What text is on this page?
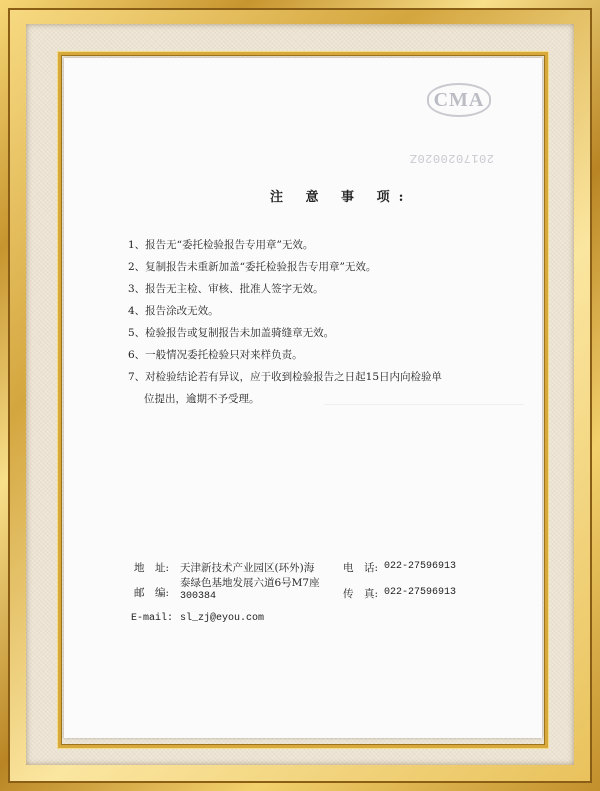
CMA
2017020020Z
注 意 事 项:
1、报告无“委托检验报告专用章”无效。
2、复制报告未重新加盖“委托检验报告专用章”无效。
3、报告无主检、审核、批准人签字无效。
4、报告涂改无效。
5、检验报告或复制报告未加盖骑缝章无效。
6、一般情况委托检验只对来样负责。
7、对检验结论若有异议，应于收到检验报告之日起15日内向检验单
位提出，逾期不予受理。
地　址: 天津新技术产业园区(环外)海
泰绿色基地发展六道6号M7座
电　话: 022-27596913
邮　编: 300384	传　真: 022-27596913
E-mail: sl_zj@eyou.com
